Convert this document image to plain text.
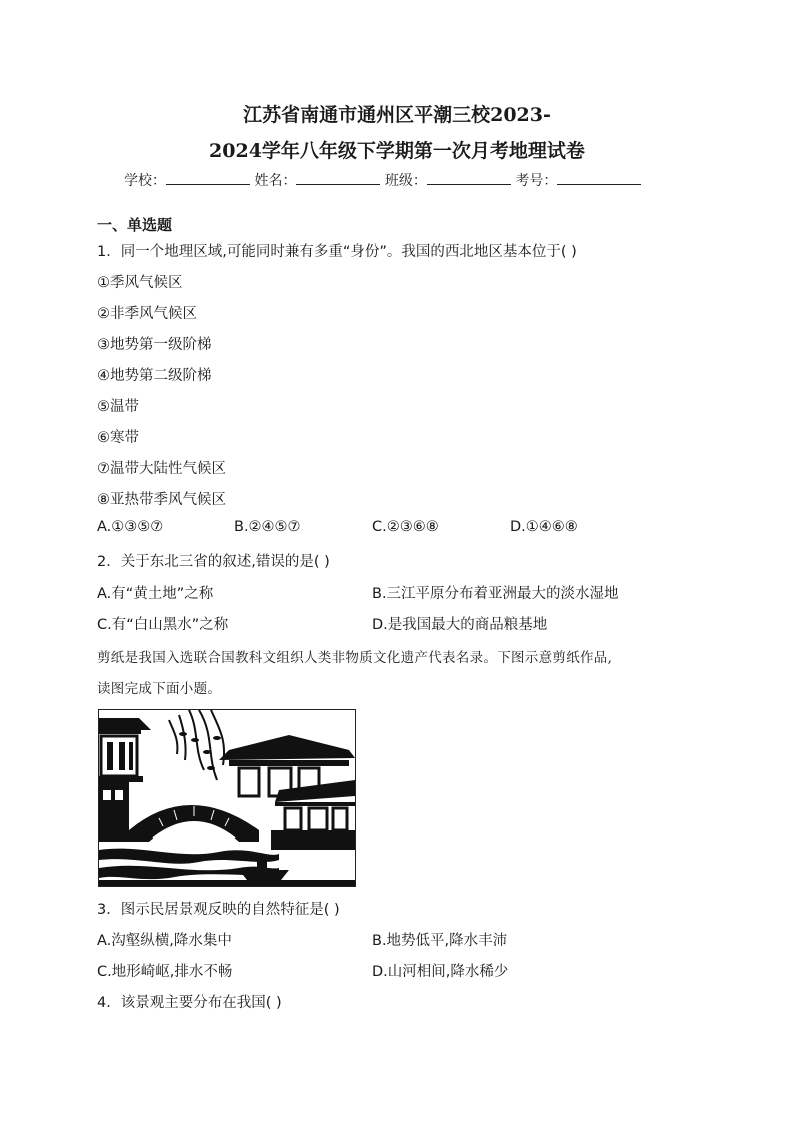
江苏省南通市通州区平潮三校2023-
2024学年八年级下学期第一次月考地理试卷
学校：	姓名：	班级：	考号：
一、单选题
1．同一个地理区域,可能同时兼有多重“身份”。我国的西北地区基本位于( )
①季风气候区
②非季风气候区
③地势第一级阶梯
④地势第二级阶梯
⑤温带
⑥寒带
⑦温带大陆性气候区
⑧亚热带季风气候区
A.①③⑤⑦	B.②④⑤⑦	C.②③⑥⑧	D.①④⑥⑧
2．关于东北三省的叙述,错误的是( )
A.有“黄土地”之称	B.三江平原分布着亚洲最大的淡水湿地
C.有“白山黑水”之称	D.是我国最大的商品粮基地
剪纸是我国入选联合国教科文组织人类非物质文化遗产代表名录。下图示意剪纸作品,
读图完成下面小题。
3．图示民居景观反映的自然特征是( )
A.沟壑纵横,降水集中	B.地势低平,降水丰沛
C.地形崎岖,排水不畅	D.山河相间,降水稀少
4．该景观主要分布在我国( )
